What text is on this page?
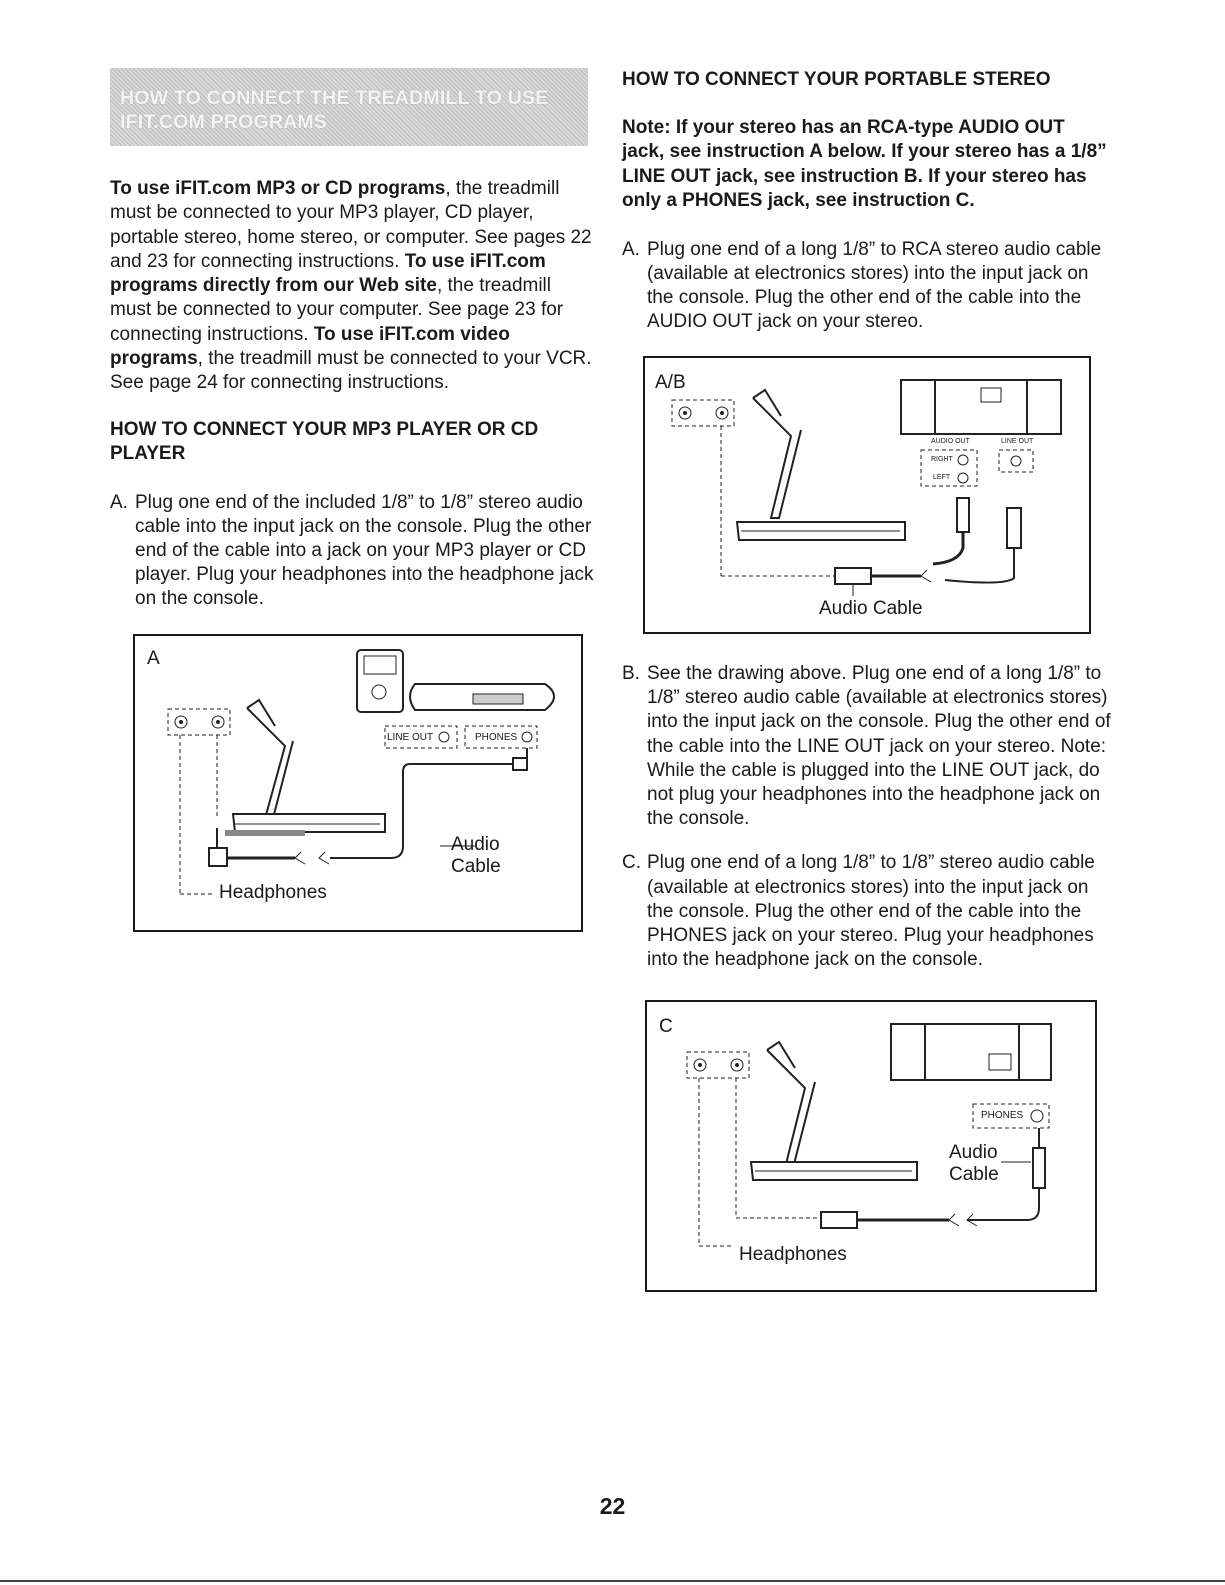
HOW TO CONNECT THE TREADMILL TO USE
IFIT.COM PROGRAMS

To use iFIT.com MP3 or CD programs, the treadmill must be connected to your MP3 player, CD player, portable stereo, home stereo, or computer. See pages 22 and 23 for connecting instructions. To use iFIT.com programs directly from our Web site, the treadmill must be connected to your computer. See page 23 for connecting instructions. To use iFIT.com video programs, the treadmill must be connected to your VCR. See page 24 for connecting instructions.

HOW TO CONNECT YOUR MP3 PLAYER OR CD PLAYER

A. Plug one end of the included 1/8” to 1/8” stereo audio cable into the input jack on the console. Plug the other end of the cable into a jack on your MP3 player or CD player. Plug your headphones into the headphone jack on the console.
A
LINE OUT	PHONES
Audio
Cable
Headphones

HOW TO CONNECT YOUR PORTABLE STEREO

Note: If your stereo has an RCA-type AUDIO OUT jack, see instruction A below. If your stereo has a 1/8” LINE OUT jack, see instruction B. If your stereo has only a PHONES jack, see instruction C.

A. Plug one end of a long 1/8” to RCA stereo audio cable (available at electronics stores) into the input jack on the console. Plug the other end of the cable into the AUDIO OUT jack on your stereo.
A/B
AUDIO OUT	LINE OUT
RIGHT
LEFT
Audio Cable
B. See the drawing above. Plug one end of a long 1/8” to 1/8” stereo audio cable (available at electronics stores) into the input jack on the console. Plug the other end of the cable into the LINE OUT jack on your stereo. Note: While the cable is plugged into the LINE OUT jack, do not plug your headphones into the headphone jack on the console.
C. Plug one end of a long 1/8” to 1/8” stereo audio cable (available at electronics stores) into the input jack on the console. Plug the other end of the cable into the PHONES jack on your stereo. Plug your headphones into the headphone jack on the console.
C
PHONES
Audio
Cable
Headphones
22
